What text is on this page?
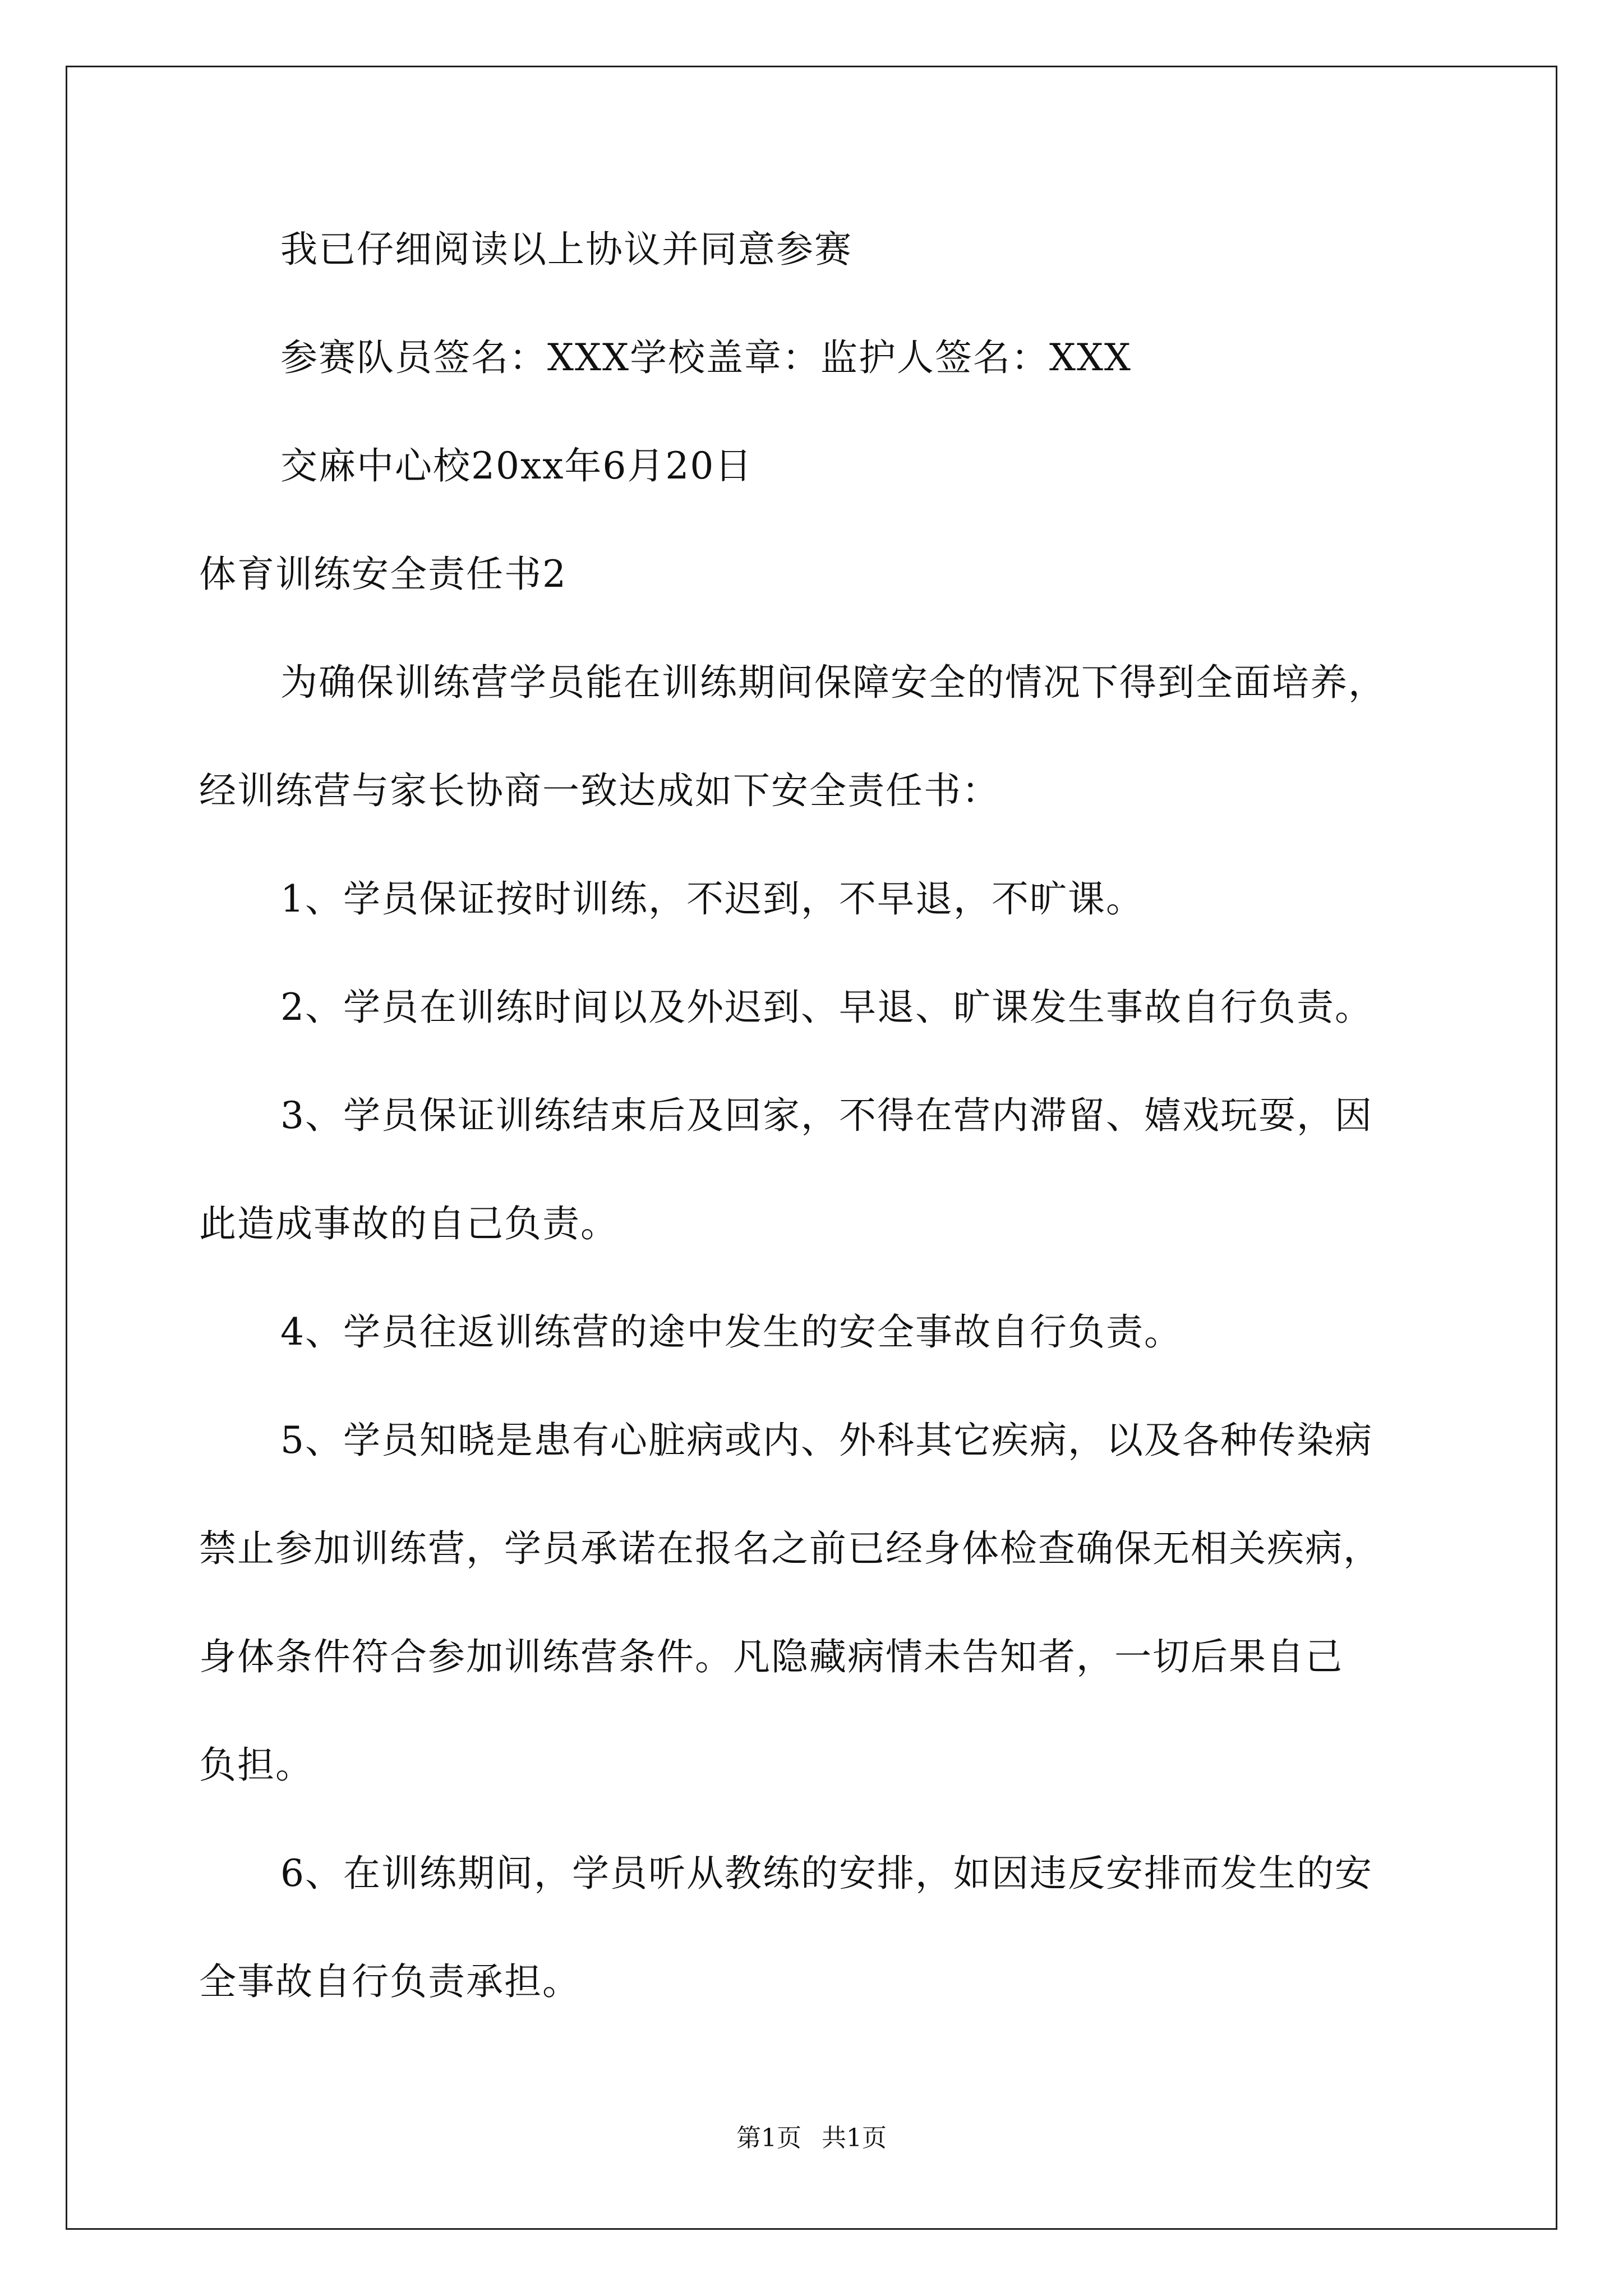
我已仔细阅读以上协议并同意参赛
参赛队员签名：XXX学校盖章：监护人签名：XXX
交麻中心校20xx年6月20日
体育训练安全责任书2
为确保训练营学员能在训练期间保障安全的情况下得到全面培养，
经训练营与家长协商一致达成如下安全责任书：
1、学员保证按时训练，不迟到，不早退，不旷课。
2、学员在训练时间以及外迟到、早退、旷课发生事故自行负责。
3、学员保证训练结束后及回家，不得在营内滞留、嬉戏玩耍，因
此造成事故的自己负责。
4、学员往返训练营的途中发生的安全事故自行负责。
5、学员知晓是患有心脏病或内、外科其它疾病，以及各种传染病
禁止参加训练营，学员承诺在报名之前已经身体检查确保无相关疾病，
身体条件符合参加训练营条件。凡隐藏病情未告知者，一切后果自己
负担。
6、在训练期间，学员听从教练的安排，如因违反安排而发生的安
全事故自行负责承担。
第1页 共1页
